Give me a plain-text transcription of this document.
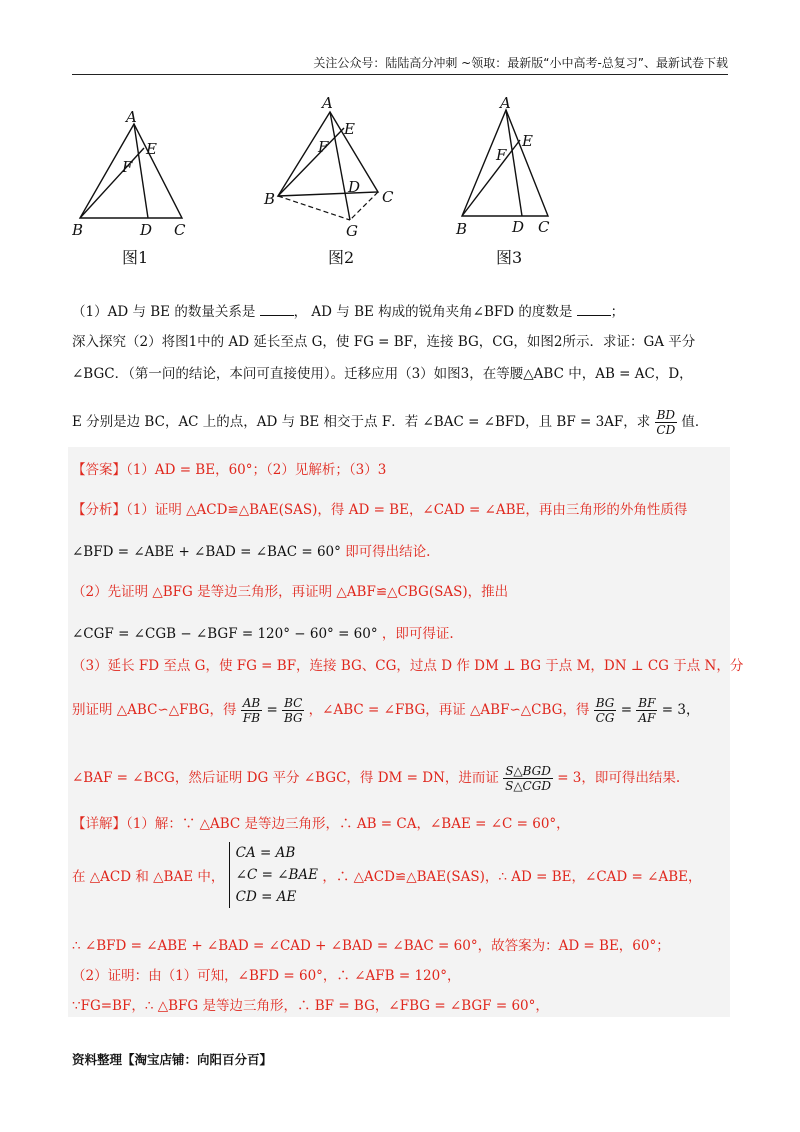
关注公众号：陆陆高分冲刺 ~领取：最新版“小中高考-总复习”、最新试卷下载
A
E
F
B	D C
图1
A
E
F
D
B	C
G
图2
A
E
F
B	D C
图3
（1）AD 与 BE 的数量关系是	， AD 与 BE 构成的锐角夹角∠BFD 的度数是	；
深入探究（2）将图1中的 AD 延长至点 G，使 FG = BF，连接 BG，CG，如图2所示．求证：GA 平分
∠BGC．（第一问的结论，本问可直接使用）。迁移应用（3）如图3，在等腰△ABC 中，AB = AC，D，
E 分别是边 BC，AC 上的点，AD 与 BE 相交于点 F．若 ∠BAC = ∠BFD，且 BF = 3AF，求 $\frac{BD}{CD}$ 值．
【答案】（1）AD = BE，60°；（2）见解析；（3）3
【分析】（1）证明 △ACD≌△BAE(SAS)，得 AD = BE，∠CAD = ∠ABE，再由三角形的外角性质得
∠BFD = ∠ABE + ∠BAD = ∠BAC = 60° 即可得出结论.
（2）先证明 △BFG 是等边三角形，再证明 △ABF≌△CBG(SAS)，推出
∠CGF = ∠CGB − ∠BGF = 120° − 60° = 60° ，即可得证.
（3）延长 FD 至点 G，使 FG = BF，连接 BG、CG，过点 D 作 DM ⊥ BG 于点 M，DN ⊥ CG 于点 N，分
别证明 △ABC∽△FBG，得 $\frac{AB}{FB} = \frac{BC}{BG}$ ，∠ABC = ∠FBG，再证 △ABF∽△CBG，得 $\frac{BG}{CG} = \frac{BF}{AF} = 3$，
∠BAF = ∠BCG，然后证明 DG 平分 ∠BGC，得 DM = DN，进而证 $\frac{\text{S△BGD}}{\text{S△CGD}} = 3$，即可得出结果.
【详解】（1）解：∵ △ABC 是等边三角形，∴ AB = CA，∠BAE = ∠C = 60°，
在 △ACD 和 △BAE 中，
CA = AB
∠C = ∠BAE
CD = AE
，∴ △ACD≌△BAE(SAS)，∴ AD = BE，∠CAD = ∠ABE，
∴ ∠BFD = ∠ABE + ∠BAD = ∠CAD + ∠BAD = ∠BAC = 60°，故答案为：AD = BE，60°；
（2）证明：由（1）可知，∠BFD = 60°，∴ ∠AFB = 120°，
∵FG=BF，∴ △BFG 是等边三角形，∴ BF = BG，∠FBG = ∠BGF = 60°，
资料整理【淘宝店铺：向阳百分百】
